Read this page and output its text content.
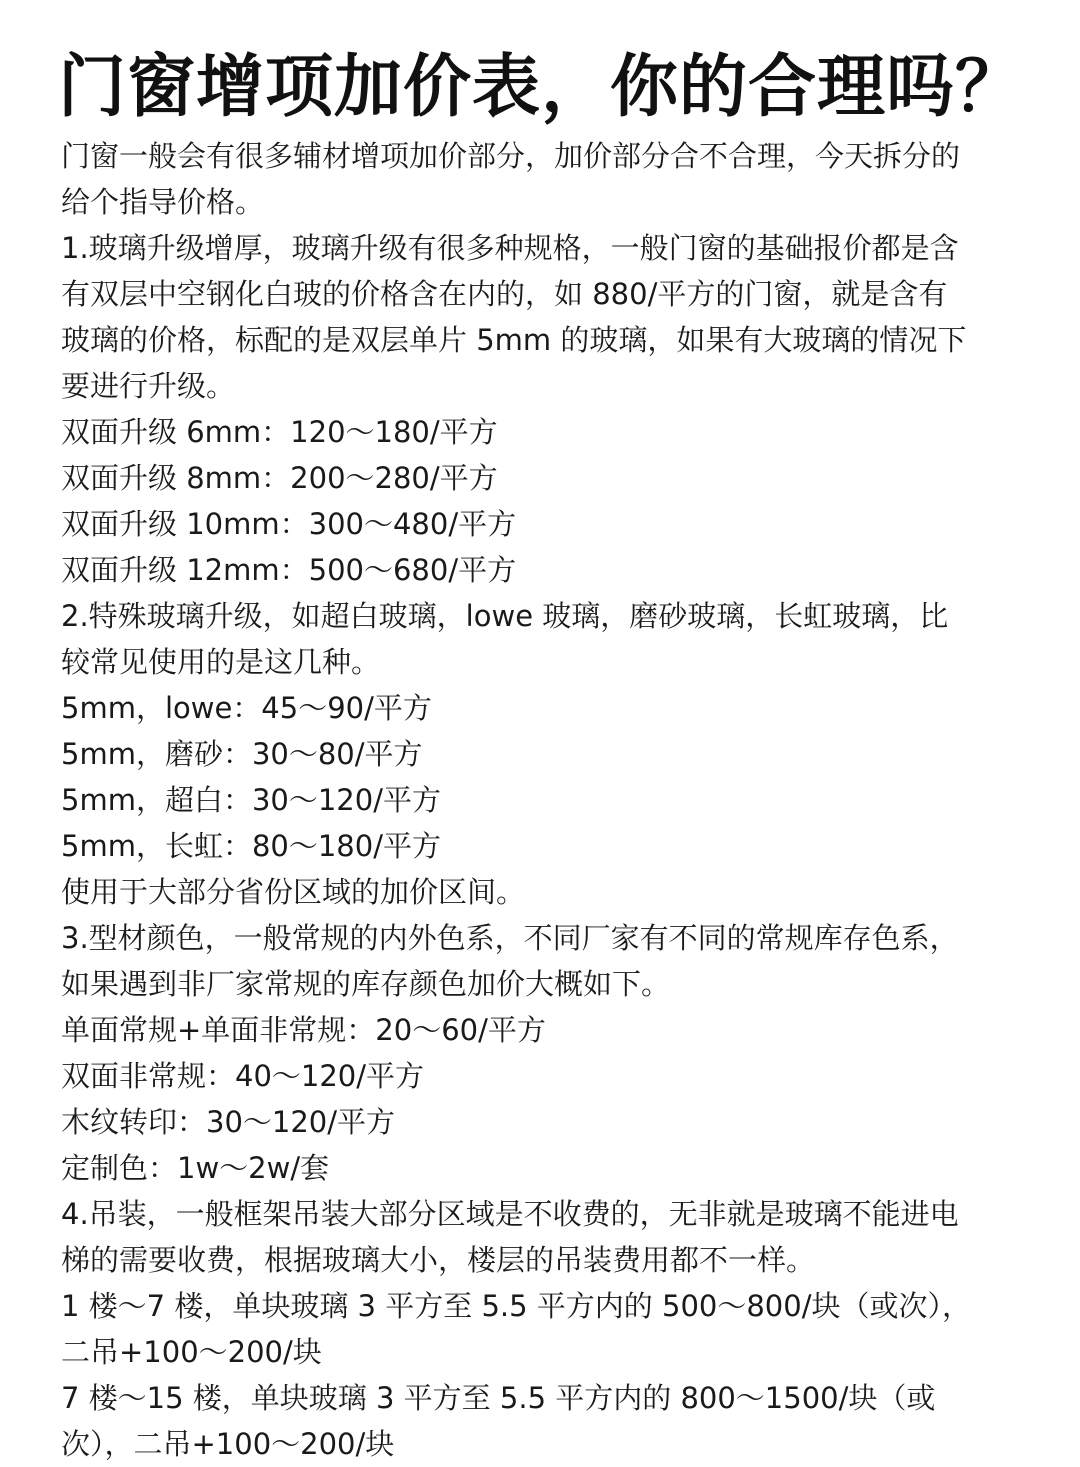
门窗增项加价表，你的合理吗？

门窗一般会有很多辅材增项加价部分，加价部分合不合理，今天拆分的

给个指导价格。

1.玻璃升级增厚，玻璃升级有很多种规格，一般门窗的基础报价都是含

有双层中空钢化白玻的价格含在内的，如 880/平方的门窗，就是含有

玻璃的价格，标配的是双层单片 5mm 的玻璃，如果有大玻璃的情况下

要进行升级。

双面升级 6mm：120～180/平方

双面升级 8mm：200～280/平方

双面升级 10mm：300～480/平方

双面升级 12mm：500～680/平方

2.特殊玻璃升级，如超白玻璃，lowe 玻璃，磨砂玻璃，长虹玻璃，比

较常见使用的是这几种。

5mm，lowe：45～90/平方

5mm，磨砂：30～80/平方

5mm，超白：30～120/平方

5mm，长虹：80～180/平方

使用于大部分省份区域的加价区间。

3.型材颜色，一般常规的内外色系，不同厂家有不同的常规库存色系，

如果遇到非厂家常规的库存颜色加价大概如下。

单面常规+单面非常规：20～60/平方

双面非常规：40～120/平方

木纹转印：30～120/平方

定制色：1w～2w/套

4.吊装，一般框架吊装大部分区域是不收费的，无非就是玻璃不能进电

梯的需要收费，根据玻璃大小，楼层的吊装费用都不一样。

1 楼～7 楼，单块玻璃 3 平方至 5.5 平方内的 500～800/块（或次），

二吊+100～200/块

7 楼～15 楼，单块玻璃 3 平方至 5.5 平方内的 800～1500/块（或

次），二吊+100～200/块
